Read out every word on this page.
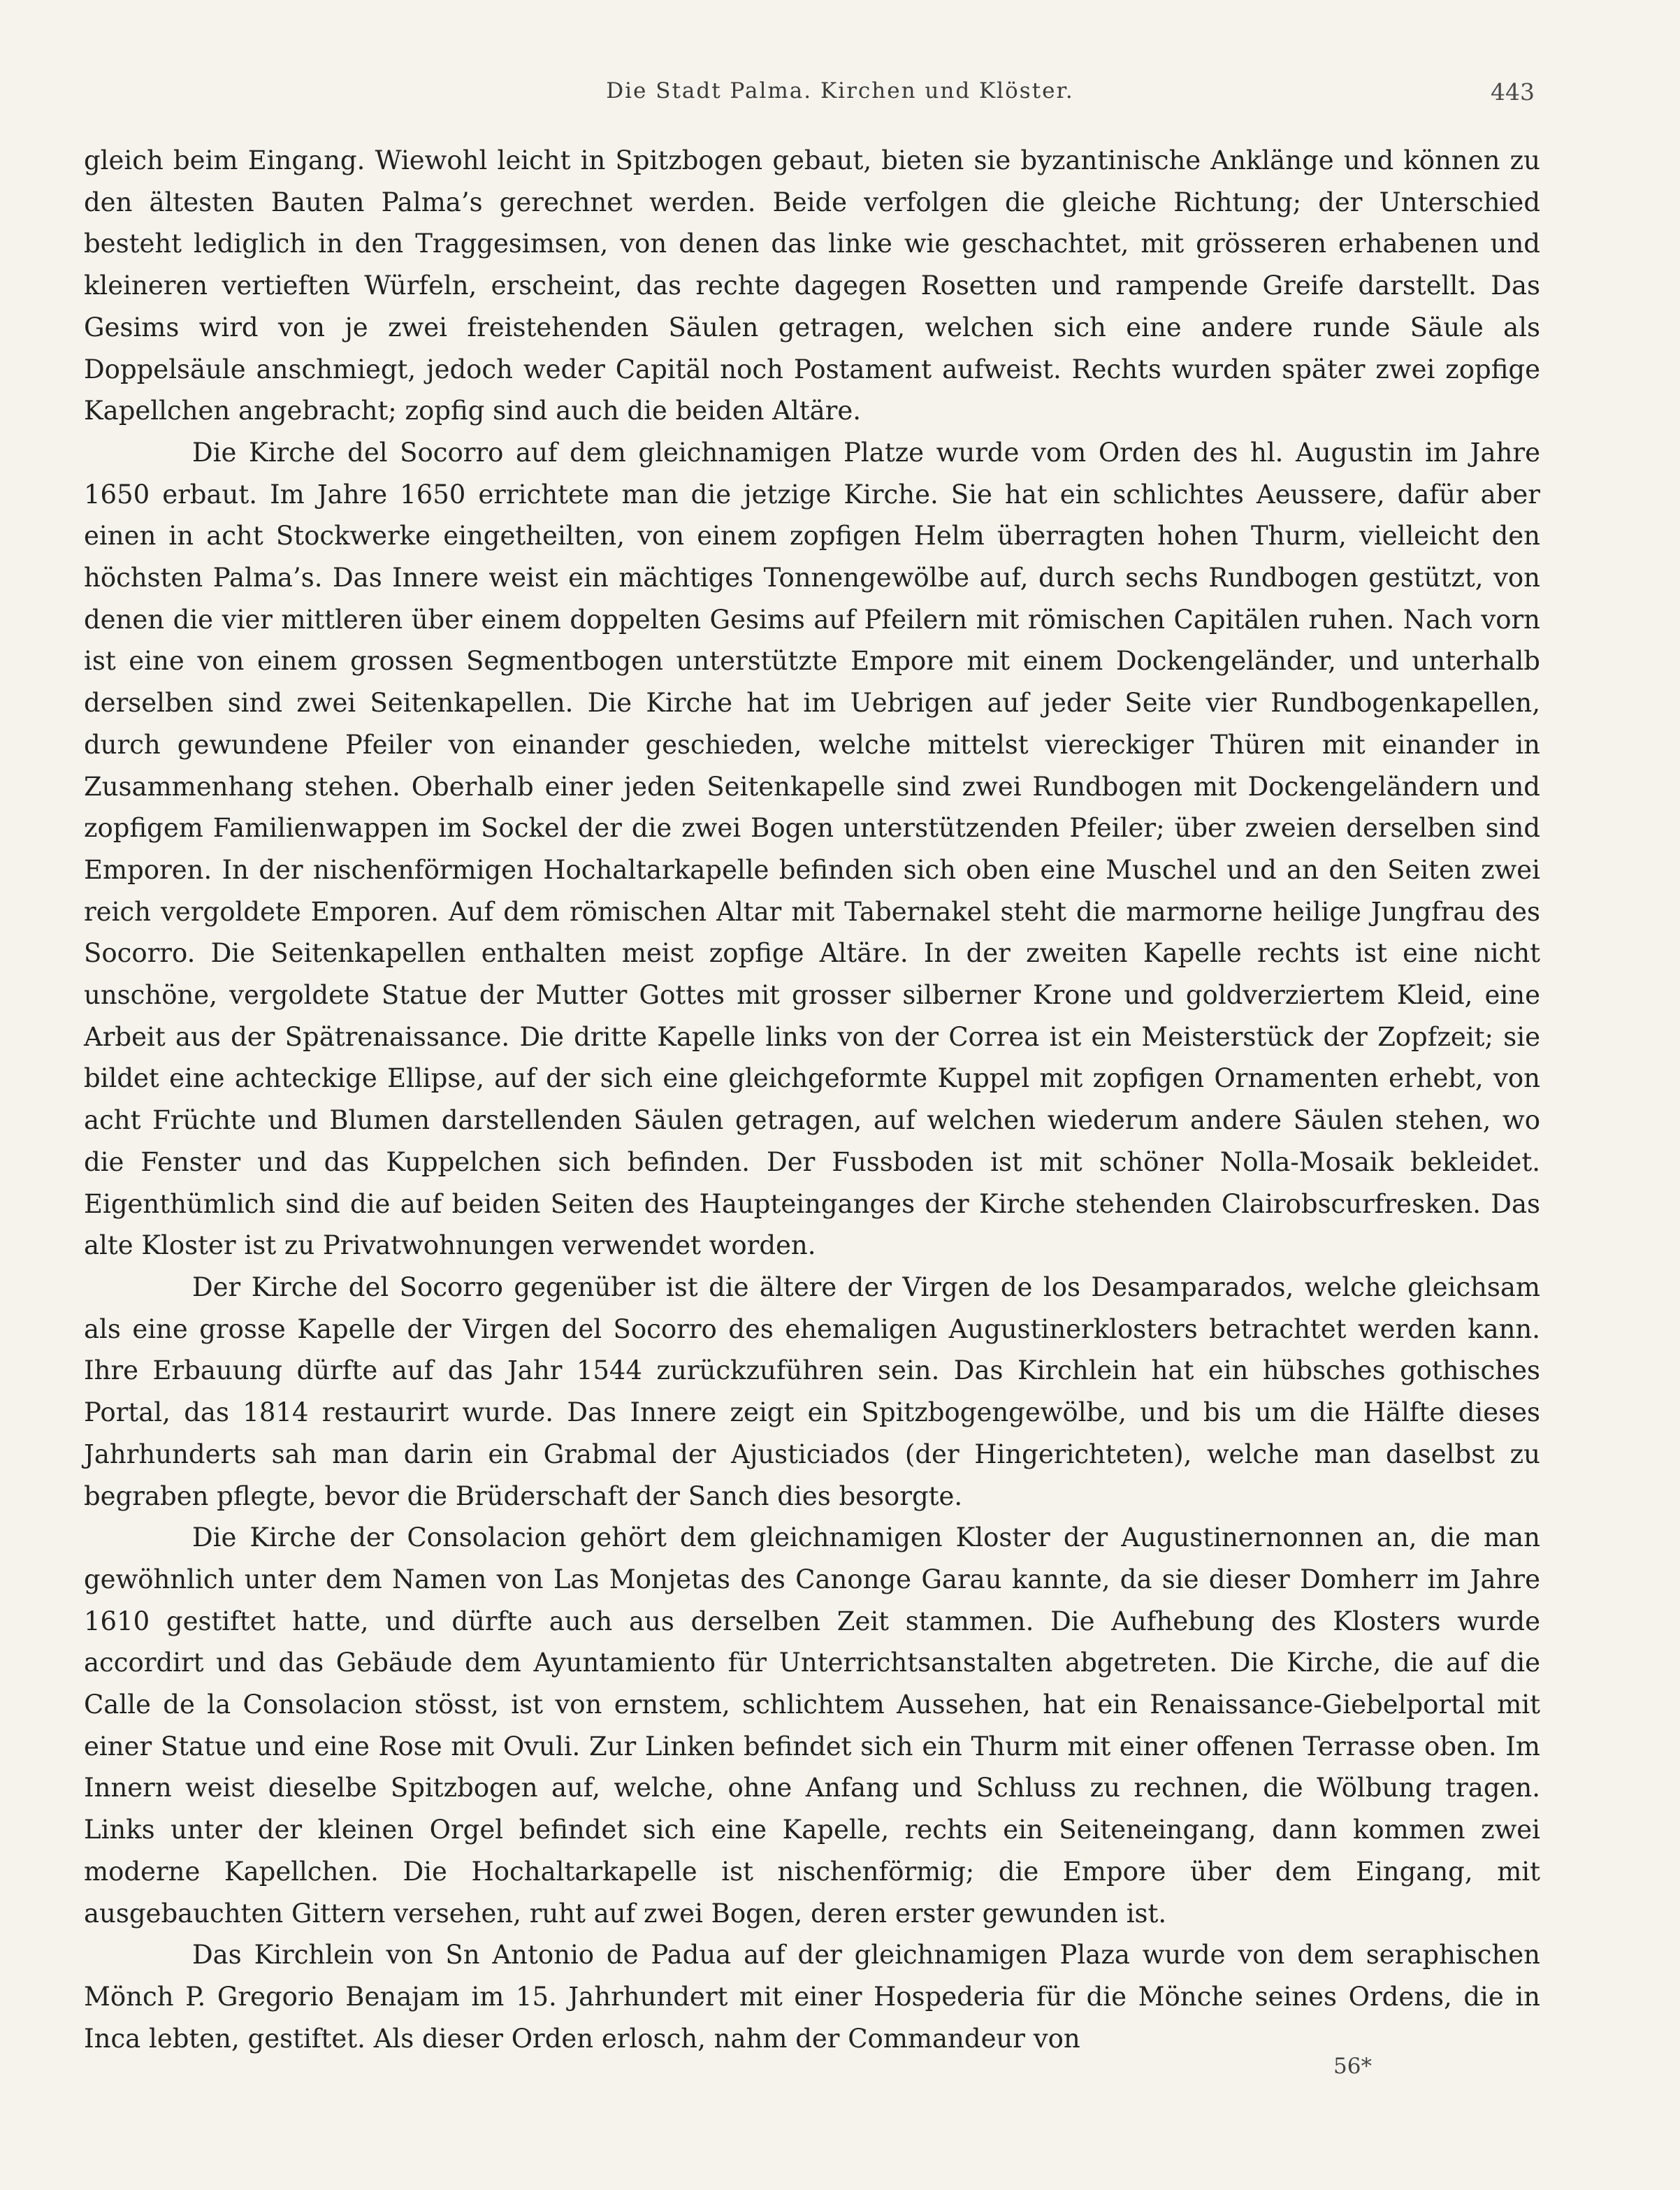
Die Stadt Palma. Kirchen und Klöster.	443

gleich beim Eingang. Wiewohl leicht in Spitzbogen gebaut, bieten sie byzantinische Anklänge und können zu den ältesten Bauten Palma’s gerechnet werden. Beide verfolgen die gleiche Richtung; der Unterschied besteht lediglich in den Traggesimsen, von denen das linke wie geschachtet, mit grösseren erhabenen und kleineren vertieften Würfeln, erscheint, das rechte dagegen Rosetten und rampende Greife darstellt. Das Gesims wird von je zwei freistehenden Säulen getragen, welchen sich eine andere runde Säule als Doppelsäule anschmiegt, jedoch weder Capitäl noch Postament aufweist. Rechts wurden später zwei zopfige Kapellchen angebracht; zopfig sind auch die beiden Altäre.

Die Kirche del Socorro auf dem gleichnamigen Platze wurde vom Orden des hl. Augustin im Jahre 1650 erbaut. Im Jahre 1650 errichtete man die jetzige Kirche. Sie hat ein schlichtes Aeussere, dafür aber einen in acht Stockwerke eingetheilten, von einem zopfigen Helm überragten hohen Thurm, vielleicht den höchsten Palma’s. Das Innere weist ein mächtiges Tonnengewölbe auf, durch sechs Rundbogen gestützt, von denen die vier mittleren über einem doppelten Gesims auf Pfeilern mit römischen Capitälen ruhen. Nach vorn ist eine von einem grossen Segmentbogen unterstützte Empore mit einem Dockengeländer, und unterhalb derselben sind zwei Seitenkapellen. Die Kirche hat im Uebrigen auf jeder Seite vier Rundbogenkapellen, durch gewundene Pfeiler von einander geschieden, welche mittelst viereckiger Thüren mit einander in Zusammenhang stehen. Oberhalb einer jeden Seitenkapelle sind zwei Rundbogen mit Dockengeländern und zopfigem Familienwappen im Sockel der die zwei Bogen unterstützenden Pfeiler; über zweien derselben sind Emporen. In der nischenförmigen Hochaltarkapelle befinden sich oben eine Muschel und an den Seiten zwei reich vergoldete Emporen. Auf dem römischen Altar mit Tabernakel steht die marmorne heilige Jungfrau des Socorro. Die Seitenkapellen enthalten meist zopfige Altäre. In der zweiten Kapelle rechts ist eine nicht unschöne, vergoldete Statue der Mutter Gottes mit grosser silberner Krone und goldverziertem Kleid, eine Arbeit aus der Spätrenaissance. Die dritte Kapelle links von der Correa ist ein Meisterstück der Zopfzeit; sie bildet eine achteckige Ellipse, auf der sich eine gleichgeformte Kuppel mit zopfigen Ornamenten erhebt, von acht Früchte und Blumen darstellenden Säulen getragen, auf welchen wiederum andere Säulen stehen, wo die Fenster und das Kuppelchen sich befinden. Der Fussboden ist mit schöner Nolla-Mosaik bekleidet. Eigenthümlich sind die auf beiden Seiten des Haupteinganges der Kirche stehenden Clairobscurfresken. Das alte Kloster ist zu Privatwohnungen verwendet worden.

Der Kirche del Socorro gegenüber ist die ältere der Virgen de los Desamparados, welche gleichsam als eine grosse Kapelle der Virgen del Socorro des ehemaligen Augustinerklosters betrachtet werden kann. Ihre Erbauung dürfte auf das Jahr 1544 zurückzuführen sein. Das Kirchlein hat ein hübsches gothisches Portal, das 1814 restaurirt wurde. Das Innere zeigt ein Spitzbogengewölbe, und bis um die Hälfte dieses Jahrhunderts sah man darin ein Grabmal der Ajusticiados (der Hingerichteten), welche man daselbst zu begraben pflegte, bevor die Brüderschaft der Sanch dies besorgte.

Die Kirche der Consolacion gehört dem gleichnamigen Kloster der Augustinernonnen an, die man gewöhnlich unter dem Namen von Las Monjetas des Canonge Garau kannte, da sie dieser Domherr im Jahre 1610 gestiftet hatte, und dürfte auch aus derselben Zeit stammen. Die Aufhebung des Klosters wurde accordirt und das Gebäude dem Ayuntamiento für Unterrichtsanstalten abgetreten. Die Kirche, die auf die Calle de la Consolacion stösst, ist von ernstem, schlichtem Aussehen, hat ein Renaissance-Giebelportal mit einer Statue und eine Rose mit Ovuli. Zur Linken befindet sich ein Thurm mit einer offenen Terrasse oben. Im Innern weist dieselbe Spitzbogen auf, welche, ohne Anfang und Schluss zu rechnen, die Wölbung tragen. Links unter der kleinen Orgel befindet sich eine Kapelle, rechts ein Seiteneingang, dann kommen zwei moderne Kapellchen. Die Hochaltarkapelle ist nischenförmig; die Empore über dem Eingang, mit ausgebauchten Gittern versehen, ruht auf zwei Bogen, deren erster gewunden ist.

Das Kirchlein von Sn Antonio de Padua auf der gleichnamigen Plaza wurde von dem seraphischen Mönch P. Gregorio Benajam im 15. Jahrhundert mit einer Hospederia für die Mönche seines Ordens, die in Inca lebten, gestiftet. Als dieser Orden erlosch, nahm der Commandeur von

56*
